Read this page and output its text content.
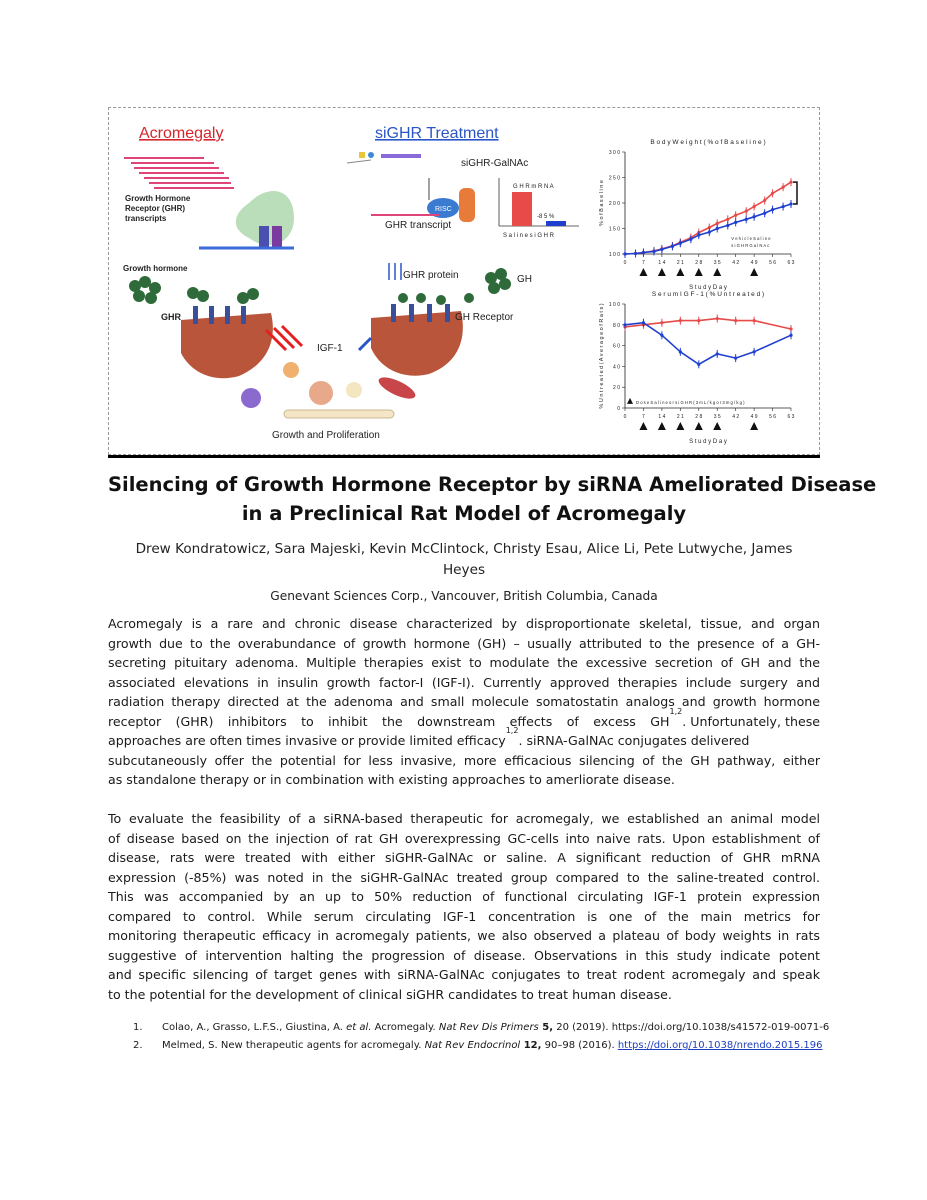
Acromegaly
Growth Hormone
Receptor (GHR)
transcripts
Growth hormone
GHR
IGF-1
Growth and Proliferation
siGHR Treatment
siGHR-GalNAc
RISC
GHR transcript
GHR protein	GH
GH Receptor
G H R m R N A
-8 5 %
S a l i n e s i G H R
B o d y W e i g h t ( % o f B a s e l i n e )
1 0 0
1 5 0
2 0 0
2 5 0
3 0 0
0	7	1 4 2 1 2 8 3 5 4 2 4 9 5 6 6 3
S t u d y D a y
% o f B a s e l i n e
V e h i c l e S a l i n e
s i G H R G a l N A c
S e r u m I G F - 1 ( % U n t r e a t e d )
0
2 0
4 0
6 0
8 0
1 0 0
0	7	1 4 2 1 2 8 3 5 4 2 4 9 5 6 6 3
S t u d y D a y
% U n t r e a t e d ( A v e r a g e o f R a t s )	D o s e S a l i n e o r s i G H R ( 3 m L / k g o r 3 m g / k g )
Silencing of Growth Hormone Receptor by siRNA Ameliorated Disease
in a Preclinical Rat Model of Acromegaly
Drew Kondratowicz, Sara Majeski, Kevin McClintock, Christy Esau, Alice Li, Pete Lutwyche, James
Heyes
Genevant Sciences Corp., Vancouver, British Columbia, Canada
Acromegaly is a rare and chronic disease characterized by disproportionate skeletal, tissue, and organ
growth due to the overabundance of growth hormone (GH) – usually attributed to the presence of a GH-
secreting pituitary adenoma. Multiple therapies exist to modulate the excessive secretion of GH and the
associated elevations in insulin growth factor-I (IGF-I). Currently approved therapies include surgery and
radiation therapy directed at the adenoma and small molecule somatostatin analogs and growth hormone
receptor (GHR) inhibitors to inhibit the downstream effects of excess GH
1,2
. Unfortunately, these
approaches are often times invasive or provide limited efficacy
1,2
. siRNA-GalNAc conjugates delivered
subcutaneously offer the potential for less invasive, more efficacious silencing of the GH pathway, either
as standalone therapy or in combination with existing approaches to amerliorate disease.
To evaluate the feasibility of a siRNA-based therapeutic for acromegaly, we established an animal model
of disease based on the injection of rat GH overexpressing GC-cells into naive rats. Upon establishment of
disease, rats were treated with either siGHR-GalNAc or saline. A significant reduction of GHR mRNA
expression (-85%) was noted in the siGHR-GalNAc treated group compared to the saline-treated control.
This was accompanied by an up to 50% reduction of functional circulating IGF-1 protein expression
compared to control. While serum circulating IGF-1 concentration is one of the main metrics for
monitoring therapeutic efficacy in acromegaly patients, we also observed a plateau of body weights in rats
suggestive of intervention halting the progression of disease. Observations in this study indicate potent
and specific silencing of target genes with siRNA-GalNAc conjugates to treat rodent acromegaly and speak
to the potential for the development of clinical siGHR candidates to treat human disease.
1. Colao, A., Grasso, L.F.S., Giustina, A. et al. Acromegaly. Nat Rev Dis Primers 5, 20 (2019). https://doi.org/10.1038/s41572-019-0071-6
2. Melmed, S. New therapeutic agents for acromegaly. Nat Rev Endocrinol 12, 90–98 (2016). https://doi.org/10.1038/nrendo.2015.196
